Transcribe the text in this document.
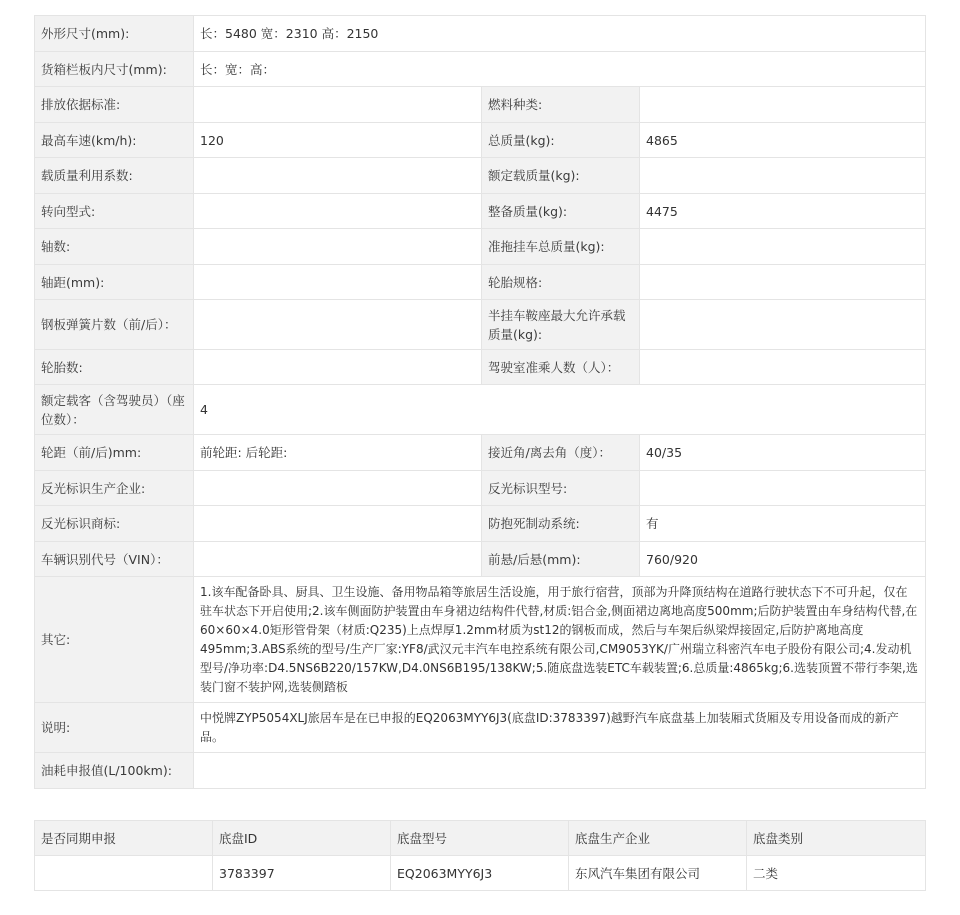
外形尺寸(mm):	长：5480 宽：2310 高：2150		
货箱栏板内尺寸(mm):	长：宽：高：		
排放依据标准:		燃料种类:	
最高车速(km/h):	120	总质量(kg):	4865
载质量利用系数:		额定载质量(kg):	
转向型式:		整备质量(kg):	4475
轴数:		准拖挂车总质量(kg):	
轴距(mm):		轮胎规格:	
钢板弹簧片数（前/后）：		半挂车鞍座最大允许承载质量(kg):	
轮胎数:		驾驶室准乘人数（人）：	
额定载客（含驾驶员）（座位数）：	4		
轮距（前/后)mm:	前轮距: 后轮距:	接近角/离去角（度）：	40/35
反光标识生产企业:		反光标识型号:	
反光标识商标:		防抱死制动系统:	有
车辆识别代号（VIN）：		前悬/后悬(mm):	760/920
其它:	1.该车配备卧具、厨具、卫生设施、备用物品箱等旅居生活设施，用于旅行宿营，顶部为升降顶结构在道路行驶状态下不可升起，仅在驻车状态下开启使用;2.该车侧面防护装置由车身裙边结构件代替,材质:铝合金,侧面裙边离地高度500mm;后防护装置由车身结构代替,在60×60×4.0矩形管骨架（材质:Q235)上点焊厚1.2mm材质为st12的钢板而成，然后与车架后纵梁焊接固定,后防护离地高度495mm;3.ABS系统的型号/生产厂家:YF8/武汉元丰汽车电控系统有限公司,CM9053YK/广州瑞立科密汽车电子股份有限公司;4.发动机型号/净功率:D4.5NS6B220/157KW,D4.0NS6B195/138KW;5.随底盘选装ETC车载装置;6.总质量:4865kg;6.选装顶置不带行李架,选装门窗不装护网,选装侧踏板		
说明:	中悦牌ZYP5054XLJ旅居车是在已申报的EQ2063MYY6J3(底盘ID:3783397)越野汽车底盘基上加装厢式货厢及专用设备而成的新产品。		
油耗申报值(L/100km):			
是否同期申报	底盘ID	底盘型号	底盘生产企业	底盘类别
	3783397	EQ2063MYY6J3	东风汽车集团有限公司	二类
